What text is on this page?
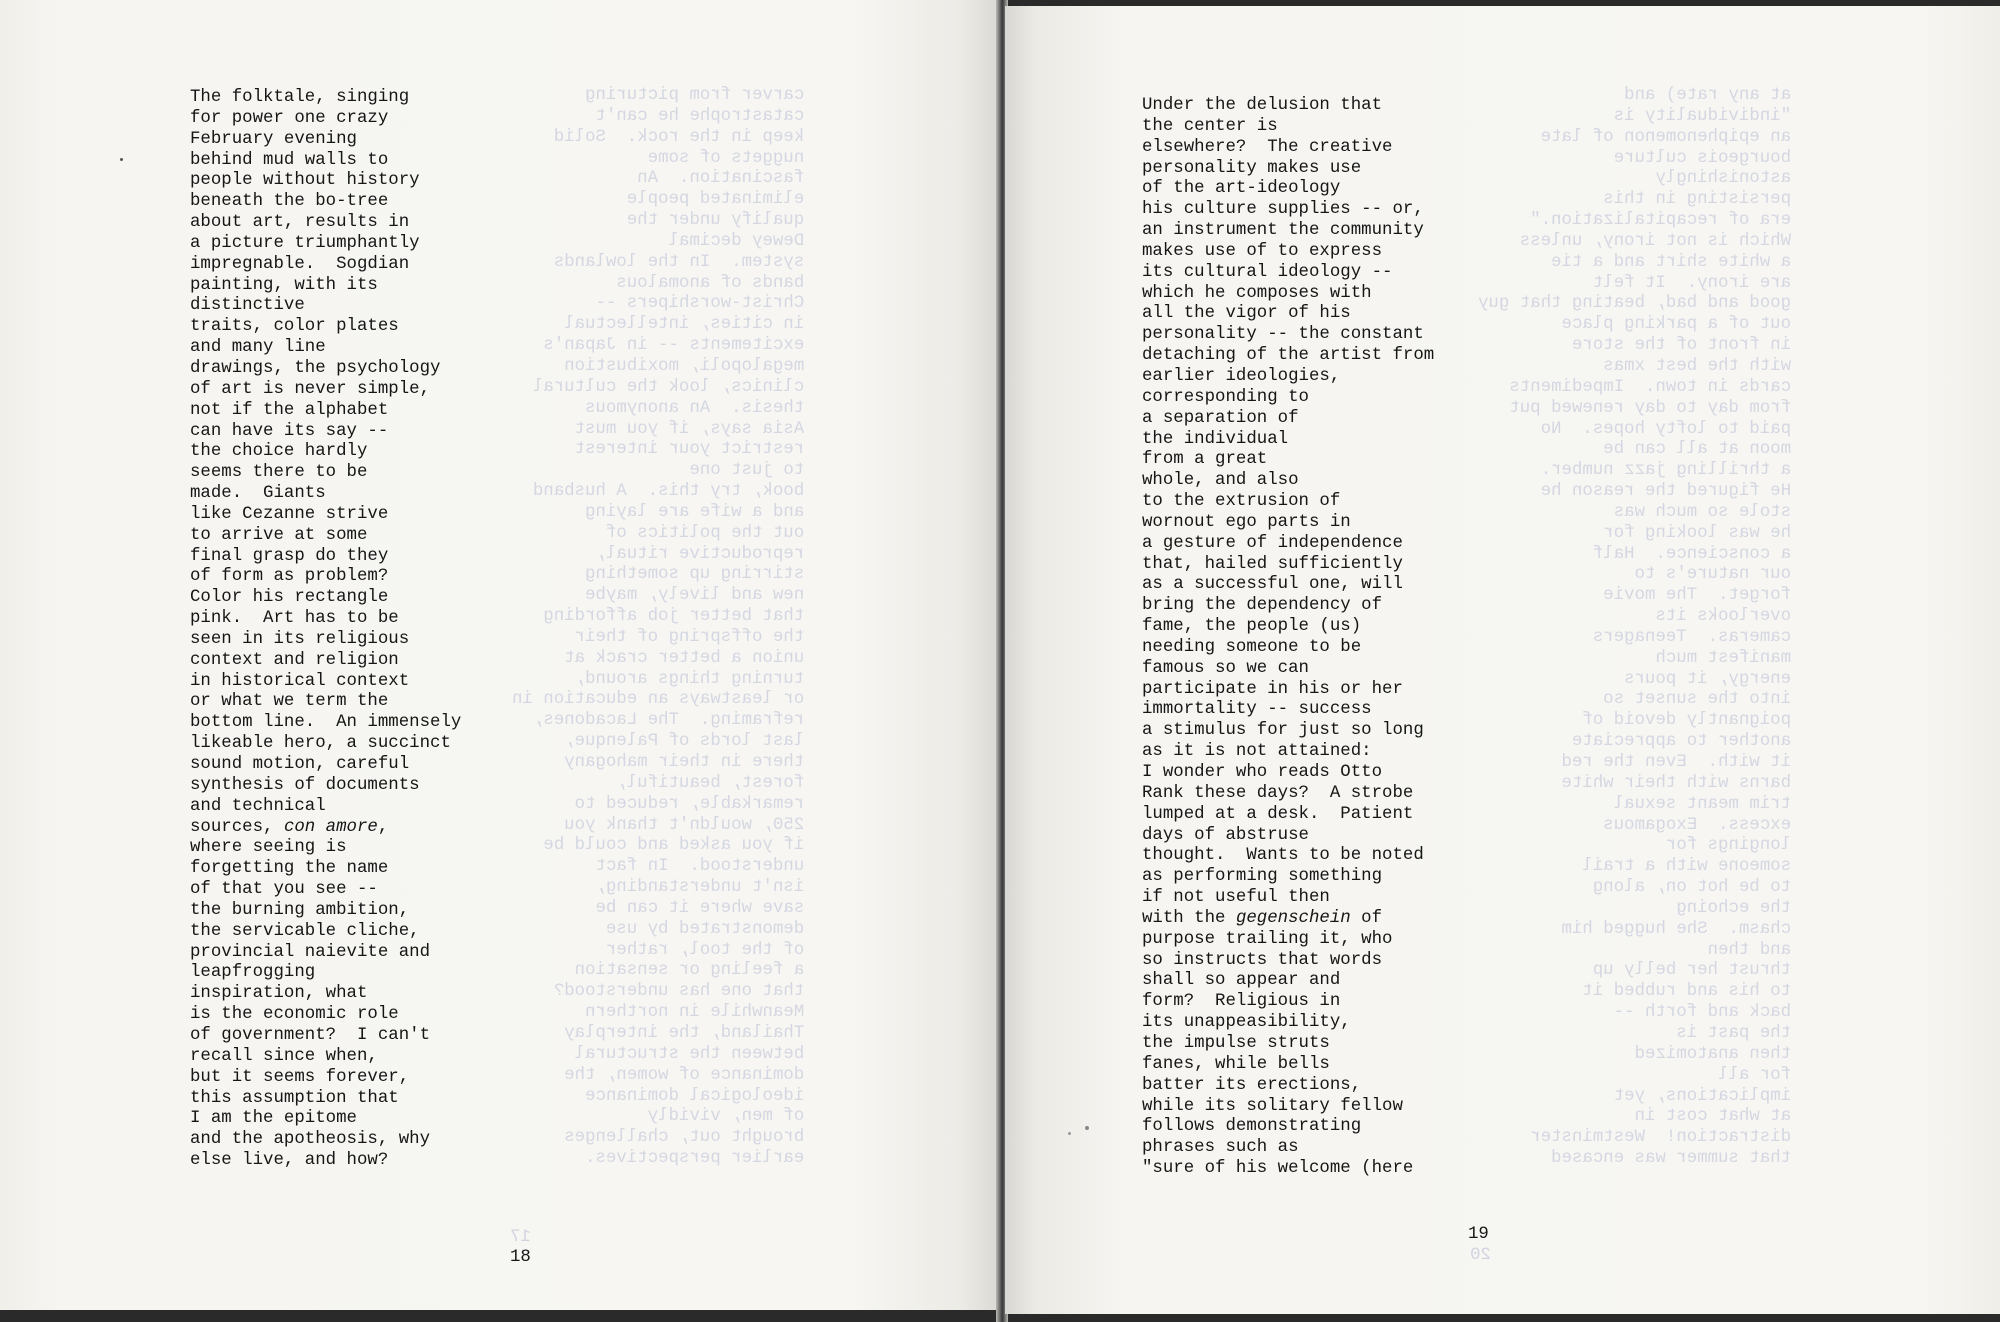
carver from picturing
catastrophe he can't
keep in the rock.  Solid
nuggets of some
fascination.  An
eliminated people
qualify under the
Dewey decimal
system.  In the lowlands
bands of anomalous
Christ-worshipers --
in cities, intellectual
excitements -- in Japan's
megalopoli, moxibustion
clinics, look the cultural
thesis.  An anonymous
Asia says, if you must
restrict your interest
to just one
book, try this.  A husband
and a wife are laying
out the politics of
reproductive ritual,
stirring up something
new and lively, maybe
that better job affording
the offspring of their
union a better crack at
turning things around,
or leastways an education in
reframing.  The Lacadones,
last lords of Palenque,
there in their mahogany
forest, beautiful,
remarkable, reduced to
250, wouldn't thank you
if you asked and could be
understood.  In fact
isn't understanding,
save where it can be
demonstrated by use
of the tool, rather
a feeling or sensation
that one has understood?
Meanwhile in northern
Thailand, the interplay
between the structural
dominance of women, the
ideological dominance
of men, vividly
brought out, challenges
earlier perspectives.
17
The folktale, singing
for power one crazy
February evening
behind mud walls to
people without history
beneath the bo-tree
about art, results in
a picture triumphantly
impregnable.  Sogdian
painting, with its
distinctive
traits, color plates
and many line
drawings, the psychology
of art is never simple,
not if the alphabet
can have its say --
the choice hardly
seems there to be
made.  Giants
like Cezanne strive
to arrive at some
final grasp do they
of form as problem?
Color his rectangle
pink.  Art has to be
seen in its religious
context and religion
in historical context
or what we term the
bottom line.  An immensely
likeable hero, a succinct
sound motion, careful
synthesis of documents
and technical
sources, con amore,
where seeing is
forgetting the name
of that you see --
the burning ambition,
the servicable cliche,
provincial naievite and
leapfrogging
inspiration, what
is the economic role
of government?  I can't
recall since when,
but it seems forever,
this assumption that
I am the epitome
and the apotheosis, why
else live, and how?
18
at any rate) and
"individuality is
an epiphenomenon of late
bourgeois culture
astonishingly
persisting in this
era of recapitalization."
Which is not irony, unless
a white shirt and a tie
are irony.  It felt
good and bad, beating that guy
out of a parking place
in front of the store
with the best xmas
cards in town.  Impediments
from day to day renewed put
paid to lofty hopes.  No
moon at all can be
a thrilling jazz number.
He figured the reason he
stole so much was
he was looking for
a conscience.  Half
our nature's to
forget.  The movie
overlooks its
cameras.  Teenagers
manifest much
energy, it pours
into the sunset so
poignantly devoid of
another to appreciate
it with.  Even the red
barns with their white
trim meant sexual
excess.  Exogamous
longings for
someone with a trail
to be hot on, along
the echoing
chasm.  She hugged him
and then
thrust her belly up
to his and rubbed it
back and forth --
the past is
then anatomized
for all
implications, yet
at what cost in
distraction!  Westminster
that summer was encased
20
Under the delusion that
the center is
elsewhere?  The creative
personality makes use
of the art-ideology
his culture supplies -- or,
an instrument the community
makes use of to express
its cultural ideology --
which he composes with
all the vigor of his
personality -- the constant
detaching of the artist from
earlier ideologies,
corresponding to
a separation of
the individual
from a great
whole, and also
to the extrusion of
wornout ego parts in
a gesture of independence
that, hailed sufficiently
as a successful one, will
bring the dependency of
fame, the people (us)
needing someone to be
famous so we can
participate in his or her
immortality -- success
a stimulus for just so long
as it is not attained:
I wonder who reads Otto
Rank these days?  A strobe
lumped at a desk.  Patient
days of abstruse
thought.  Wants to be noted
as performing something
if not useful then
with the gegenschein of
purpose trailing it, who
so instructs that words
shall so appear and
form?  Religious in
its unappeasibility,
the impulse struts
fanes, while bells
batter its erections,
while its solitary fellow
follows demonstrating
phrases such as
"sure of his welcome (here
19
